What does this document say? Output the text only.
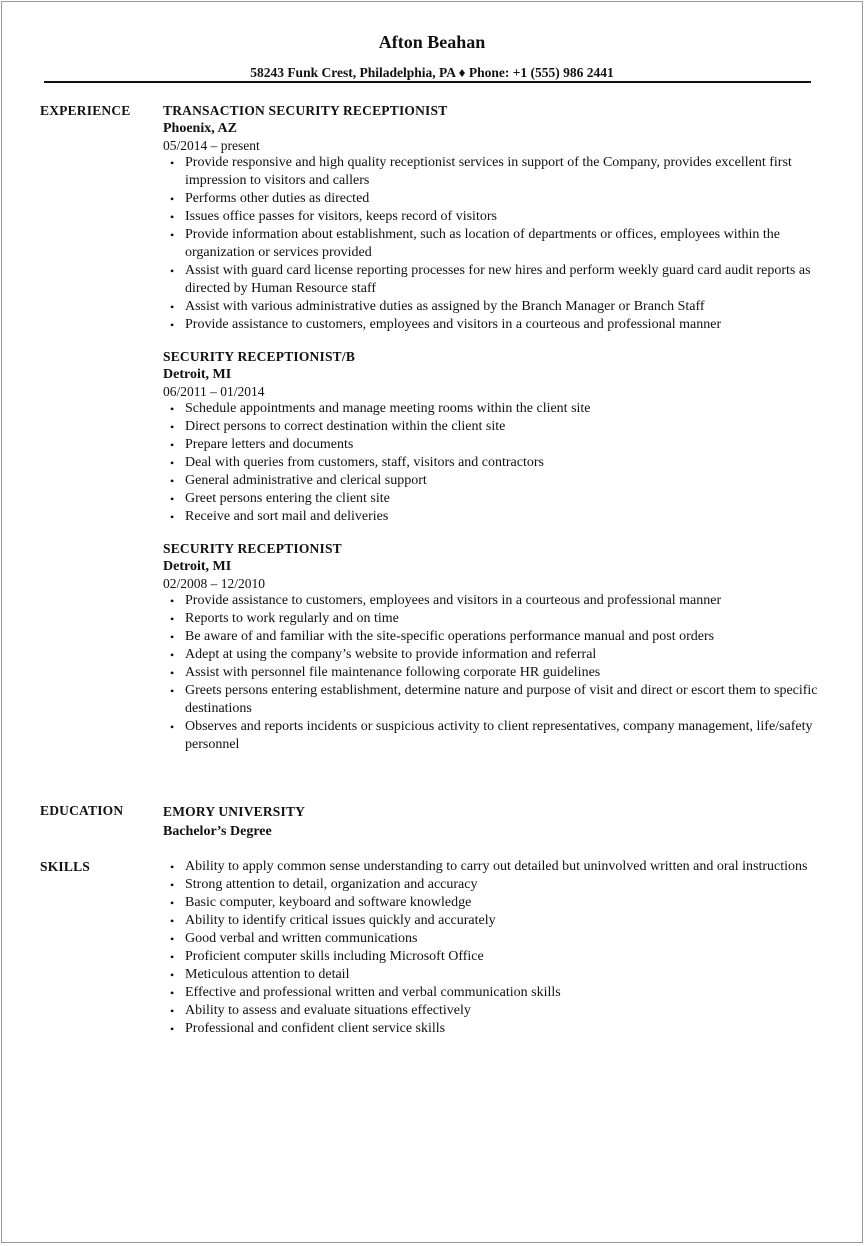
Afton Beahan
58243 Funk Crest, Philadelphia, PA ♦ Phone: +1 (555) 986 2441
EXPERIENCE TRANSACTION SECURITY RECEPTIONIST
Phoenix, AZ
05/2014 – present
• Provide responsive and high quality receptionist services in support of the Company, provides excellent first impression to visitors and callers
• Performs other duties as directed
• Issues office passes for visitors, keeps record of visitors
• Provide information about establishment, such as location of departments or offices, employees within the organization or services provided
• Assist with guard card license reporting processes for new hires and perform weekly guard card audit reports as directed by Human Resource staff
• Assist with various administrative duties as assigned by the Branch Manager or Branch Staff
• Provide assistance to customers, employees and visitors in a courteous and professional manner
SECURITY RECEPTIONIST/B
Detroit, MI
06/2011 – 01/2014
• Schedule appointments and manage meeting rooms within the client site
• Direct persons to correct destination within the client site
• Prepare letters and documents
• Deal with queries from customers, staff, visitors and contractors
• General administrative and clerical support
• Greet persons entering the client site
• Receive and sort mail and deliveries
SECURITY RECEPTIONIST
Detroit, MI
02/2008 – 12/2010
• Provide assistance to customers, employees and visitors in a courteous and professional manner
• Reports to work regularly and on time
• Be aware of and familiar with the site-specific operations performance manual and post orders
• Adept at using the company’s website to provide information and referral
• Assist with personnel file maintenance following corporate HR guidelines
• Greets persons entering establishment, determine nature and purpose of visit and direct or escort them to specific destinations
• Observes and reports incidents or suspicious activity to client representatives, company management, life/safety personnel
EDUCATION	EMORY UNIVERSITY
Bachelor’s Degree
SKILLS	• Ability to apply common sense understanding to carry out detailed but uninvolved written and oral instructions
• Strong attention to detail, organization and accuracy
• Basic computer, keyboard and software knowledge
• Ability to identify critical issues quickly and accurately
• Good verbal and written communications
• Proficient computer skills including Microsoft Office
• Meticulous attention to detail
• Effective and professional written and verbal communication skills
• Ability to assess and evaluate situations effectively
• Professional and confident client service skills
